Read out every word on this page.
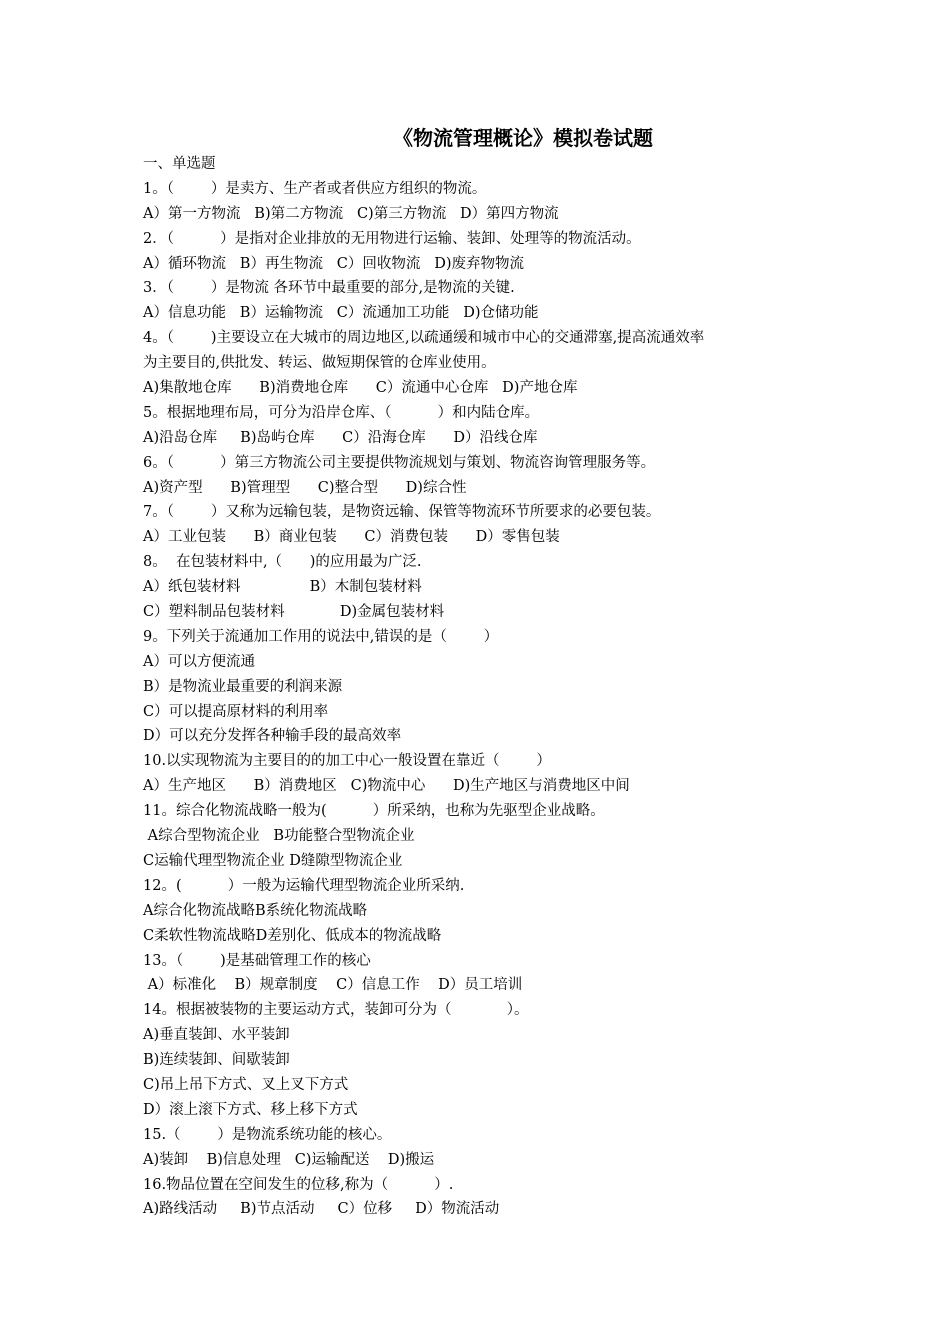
《物流管理概论》模拟卷试题
一、单选题
1。（        ）是卖方、生产者或者供应方组织的物流。
A）第一方物流   B)第二方物流   C)第三方物流   D）第四方物流
2．（          ）是指对企业排放的无用物进行运输、装卸、处理等的物流活动。
A）循环物流   B）再生物流   C）回收物流   D)废弃物物流
3．（        ）是物流 各环节中最重要的部分,是物流的关键.
A）信息功能   B）运输物流   C）流通加工功能   D)仓储功能
4。（        )主要设立在大城市的周边地区,以疏通缓和城市中心的交通滞塞,提高流通效率
为主要目的,供批发、转运、做短期保管的仓库业使用。
A)集散地仓库      B)消费地仓库      C）流通中心仓库   D)产地仓库
5。根据地理布局，可分为沿岸仓库、（          ）和内陆仓库。
A)沿岛仓库     B)岛屿仓库      C）沿海仓库      D）沿线仓库
6。（          ）第三方物流公司主要提供物流规划与策划、物流咨询管理服务等。
A)资产型      B)管理型      C)整合型      D)综合性
7。（        ）又称为远输包装，是物资远输、保管等物流环节所要求的必要包装。
A）工业包装      B）商业包装      C）消费包装      D）零售包装
8。  在包装材料中,（      )的应用最为广泛.
A）纸包装材料               B）木制包装材料
C）塑料制品包装材料            D)金属包装材料
9。下列关于流通加工作用的说法中,错误的是（        ）
A）可以方便流通
B）是物流业最重要的利润来源
C）可以提高原材料的利用率
D）可以充分发挥各种输手段的最高效率
10.以实现物流为主要目的的加工中心一般设置在靠近（        ）
A）生产地区      B）消费地区   C)物流中心      D)生产地区与消费地区中间
11。综合化物流战略一般为(          ）所采纳，也称为先驱型企业战略。
A综合型物流企业   B功能整合型物流企业
C运输代理型物流企业 D缝隙型物流企业
12。(          ）一般为运输代理型物流企业所采纳.
A综合化物流战略B系统化物流战略
C柔软性物流战略D差别化、低成本的物流战略
13。（        )是基础管理工作的核心
A）标准化    B）规章制度    C）信息工作    D）员工培训
14。根据被装物的主要运动方式，装卸可分为（            ）。
A)垂直装卸、水平装卸
B)连续装卸、间歇装卸
C)吊上吊下方式、叉上叉下方式
D）滚上滚下方式、移上移下方式
15.（        ）是物流系统功能的核心。
A)装卸    B)信息处理   C)运输配送    D)搬运
16.物品位置在空间发生的位移,称为（          ）.
A)路线活动     B)节点活动     C）位移     D）物流活动
